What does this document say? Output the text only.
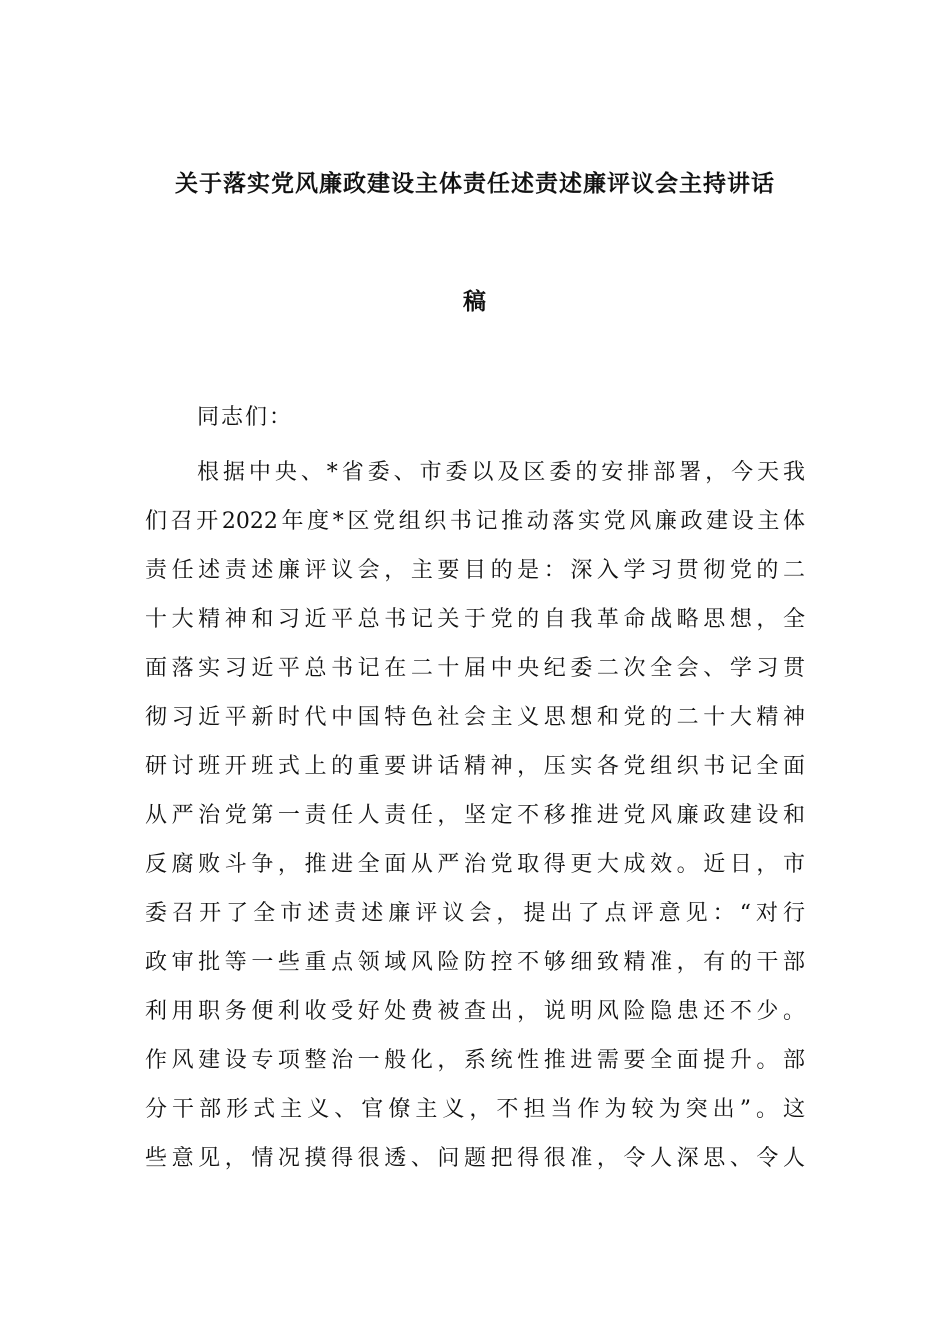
关于落实党风廉政建设主体责任述责述廉评议会主持讲话
稿
同志们：
根据中央、*省委、市委以及区委的安排部署，今天我
们召开2022年度*区党组织书记推动落实党风廉政建设主体
责任述责述廉评议会，主要目的是：深入学习贯彻党的二
十大精神和习近平总书记关于党的自我革命战略思想，全
面落实习近平总书记在二十届中央纪委二次全会、学习贯
彻习近平新时代中国特色社会主义思想和党的二十大精神
研讨班开班式上的重要讲话精神，压实各党组织书记全面
从严治党第一责任人责任，坚定不移推进党风廉政建设和
反腐败斗争，推进全面从严治党取得更大成效。近日，市
委召开了全市述责述廉评议会，提出了点评意见：“对行
政审批等一些重点领域风险防控不够细致精准，有的干部
利用职务便利收受好处费被查出，说明风险隐患还不少。
作风建设专项整治一般化，系统性推进需要全面提升。部
分干部形式主义、官僚主义，不担当作为较为突出”。这
些意见，情况摸得很透、问题把得很准，令人深思、令人
